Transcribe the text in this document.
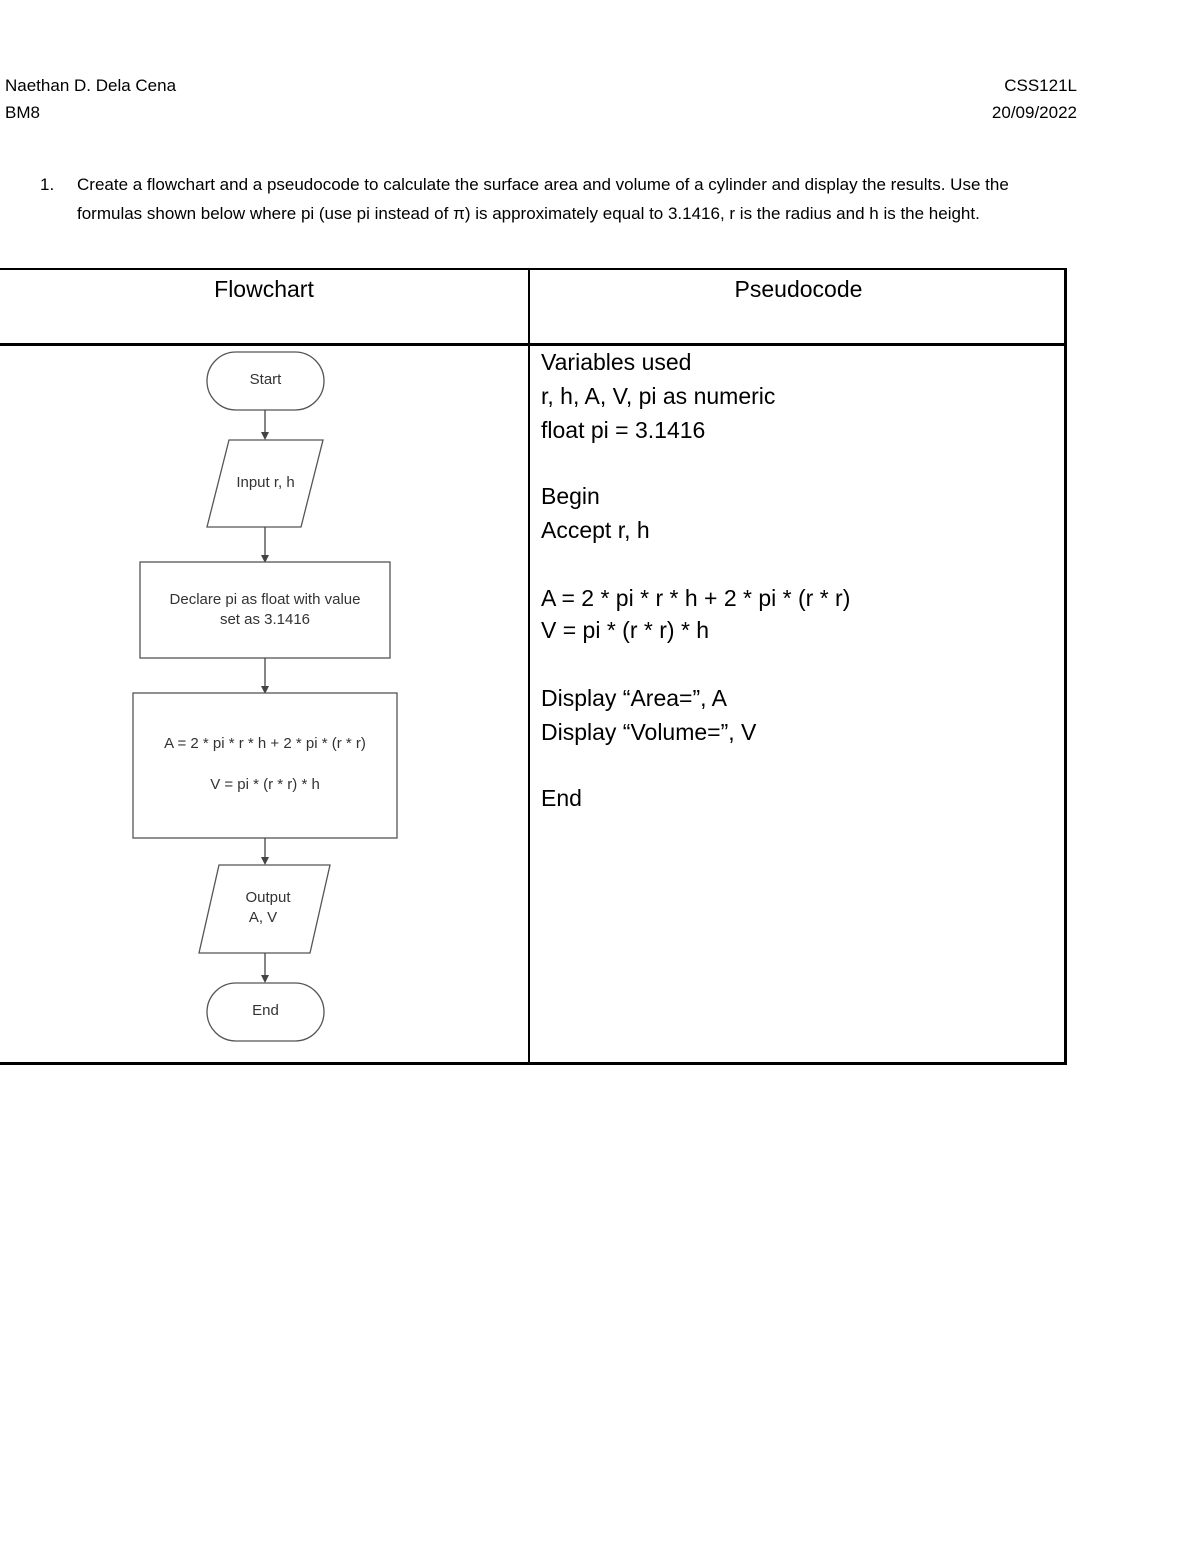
Naethan D. Dela Cena
BM8
CSS121L
20/09/2022
1. Create a flowchart and a pseudocode to calculate the surface area and volume of a cylinder and display the results. Use the formulas shown below where pi (use pi instead of π) is approximately equal to 3.1416, r is the radius and h is the height.
Flowchart	Pseudocode
Start
Input r, h
Declare pi as float with value
set as 3.1416
A = 2 * pi * r * h + 2 * pi * (r * r)
V = pi * (r * r) * h
Output
A, V
End
Variables used
r, h, A, V, pi as numeric
float pi = 3.1416
Begin
Accept r, h
A = 2 * pi * r * h + 2 * pi * (r * r)
V = pi * (r * r) * h
Display “Area=”, A
Display “Volume=”, V
End
